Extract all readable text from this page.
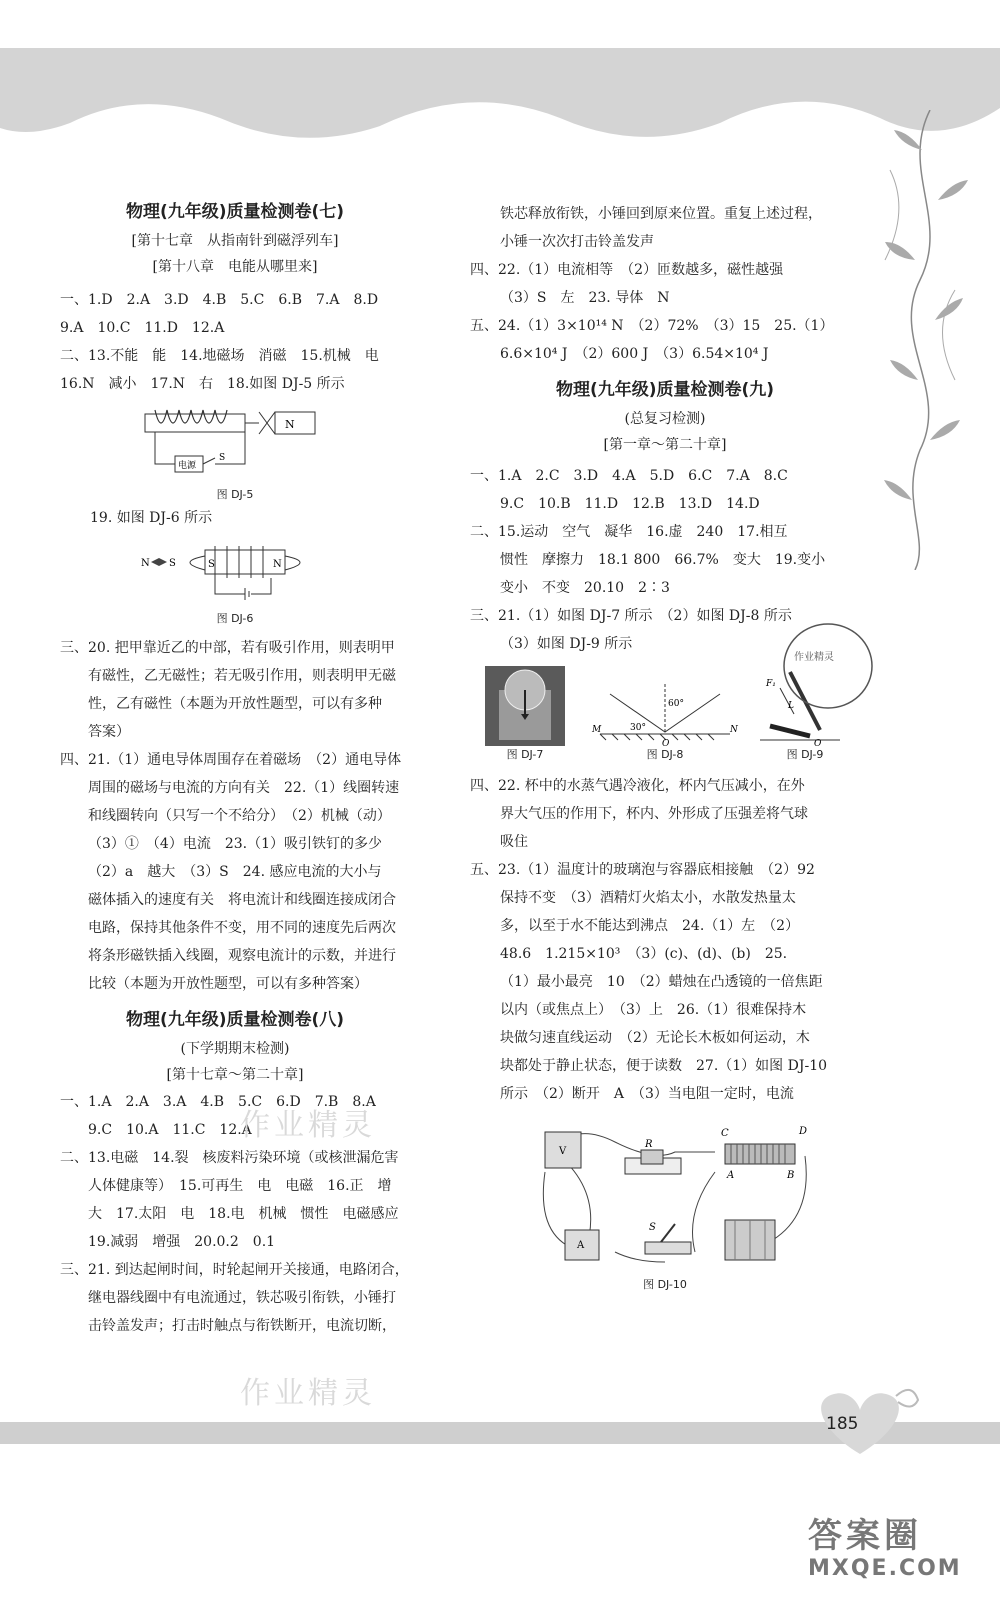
物理(九年级)质量检测卷(七)
[第十七章　从指南针到磁浮列车]
[第十八章　电能从哪里来]

一、1.D　2.A　3.D　4.B　5.C　6.B　7.A　8.D

9.A　10.C　11.D　12.A

二、13.不能　能　14.地磁场　消磁　15.机械　电

16.N　减小　17.N　右　18.如图 DJ-5 所示

N
电源
S
图 DJ-5

19. 如图 DJ-6 所示

N S	S	N
图 DJ-6

三、20. 把甲靠近乙的中部，若有吸引作用，则表明甲

有磁性，乙无磁性；若无吸引作用，则表明甲无磁

性，乙有磁性（本题为开放性题型，可以有多种

答案）

四、21.（1）通电导体周围存在着磁场　（2）通电导体

周围的磁场与电流的方向有关　22.（1）线圈转速

和线圈转向（只写一个不给分）　（2）机械（动）

（3）①　（4）电流　23.（1）吸引铁钉的多少

（2）a　越大　（3）S　24. 感应电流的大小与

磁体插入的速度有关　将电流计和线圈连接成闭合

电路，保持其他条件不变，用不同的速度先后两次

将条形磁铁插入线圈，观察电流计的示数，并进行

比较（本题为开放性题型，可以有多种答案）

物理(九年级)质量检测卷(八)
(下学期期末检测)
[第十七章～第二十章]

一、1.A　2.A　3.A　4.B　5.C　6.D　7.B　8.A

9.C　10.A　11.C　12.A

二、13.电磁　14.裂　核废料污染环境（或核泄漏危害

人体健康等）　15.可再生　电　电磁　16.正　增

大　17.太阳　电　18.电　机械　惯性　电磁感应

19.减弱　增强　20.0.2　0.1

三、21. 到达起闸时间，时轮起闸开关接通，电路闭合，

继电器线圈中有电流通过，铁芯吸引衔铁，小锤打

击铃盖发声；打击时触点与衔铁断开，电流切断，

铁芯释放衔铁，小锤回到原来位置。重复上述过程，

小锤一次次打击铃盖发声

四、22.（1）电流相等　（2）匝数越多，磁性越强

（3）S　左　23. 导体　N

五、24.（1）3×10¹⁴ N　（2）72%　（3）15　25.（1）

6.6×10⁴ J　（2）600 J　（3）6.54×10⁴ J

物理(九年级)质量检测卷(九)
(总复习检测)
[第一章～第二十章]

一、1.A　2.C　3.D　4.A　5.D　6.C　7.A　8.C

9.C　10.B　11.D　12.B　13.D　14.D

二、15.运动　空气　凝华　16.虚　240　17.相互

惯性　摩擦力　18.1 800　66.7%　变大　19.变小

变小　不变　20.10　2∶3

三、21.（1）如图 DJ-7 所示　（2）如图 DJ-8 所示

（3）如图 DJ-9 所示

图 DJ-7
30°
60°
M
O
N
图 DJ-8
F₁
L
O
图 DJ-9

四、22. 杯中的水蒸气遇冷液化，杯内气压减小，在外

界大气压的作用下，杯内、外形成了压强差将气球

吸住

五、23.（1）温度计的玻璃泡与容器底相接触　（2）92

保持不变　（3）酒精灯火焰太小，水散发热量太

多，以至于水不能达到沸点　24.（1）左　（2）

48.6　1.215×10³　（3）(c)、(d)、(b)　25.

（1）最小最亮　10　（2）蜡烛在凸透镜的一倍焦距

以内（或焦点上）　（3）上　26.（1）很难保持木

块做匀速直线运动　（2）无论长木板如何运动，木

块都处于静止状态，便于读数　27.（1）如图 DJ-10

所示　（2）断开　A　（3）当电阻一定时，电流

V
R
C	D
A	B
A
S
图 DJ-10
作业精灵
作业精灵
作业精灵
185
答案圈
MXQE.COM
